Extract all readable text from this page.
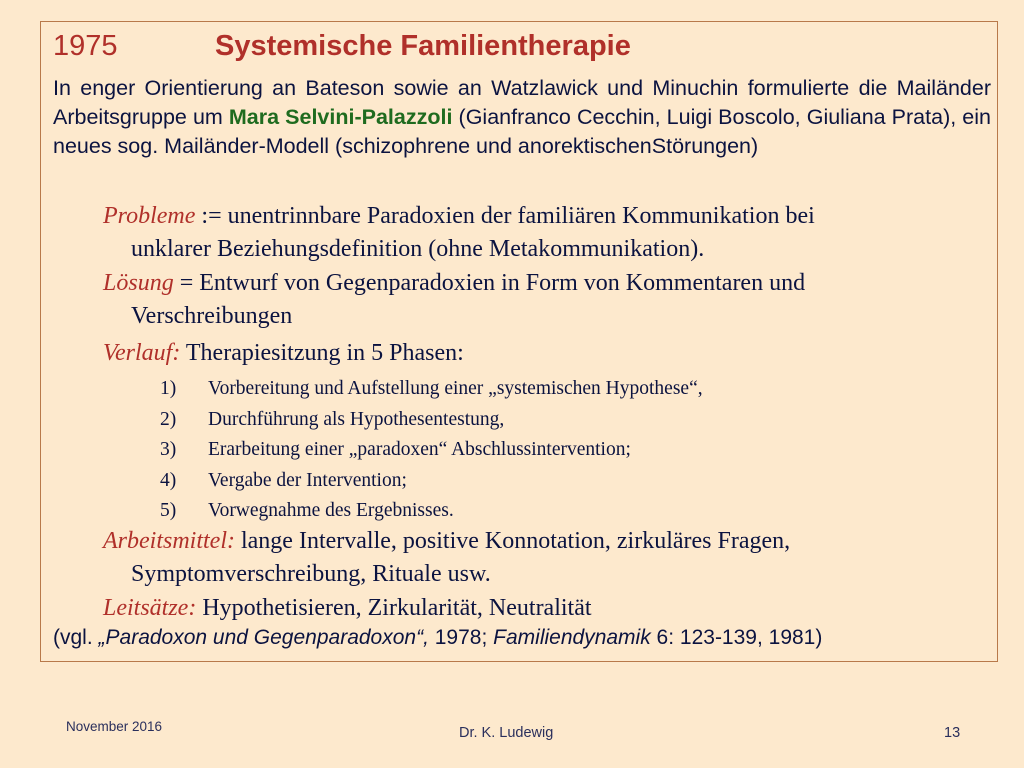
1975	Systemische Familientherapie
In enger Orientierung an Bateson sowie an Watzlawick und Minuchin formulierte die Mailänder Arbeitsgruppe um Mara Selvini-Palazzoli (Gianfranco Cecchin, Luigi Boscolo, Giuliana Prata), ein neues sog. Mailänder-Modell (schizophrene und anorektischenStörungen)
Probleme := unentrinnbare Paradoxien der familiären Kommunikation bei
unklarer Beziehungsdefinition (ohne Metakommunikation).
Lösung = Entwurf von Gegenparadoxien in Form von Kommentaren und
Verschreibungen
Verlauf: Therapiesitzung in 5 Phasen:
1) Vorbereitung und Aufstellung einer „systemischen Hypothese“,
2) Durchführung als Hypothesentestung,
3) Erarbeitung einer „paradoxen“ Abschlussintervention;
4) Vergabe der Intervention;
5) Vorwegnahme des Ergebnisses.
Arbeitsmittel: lange Intervalle, positive Konnotation, zirkuläres Fragen,
Symptomverschreibung, Rituale usw.
Leitsätze: Hypothetisieren, Zirkularität, Neutralität
(vgl. „Paradoxon und Gegenparadoxon“, 1978; Familiendynamik 6: 123-139, 1981)
November 2016	Dr. K. Ludewig	13
